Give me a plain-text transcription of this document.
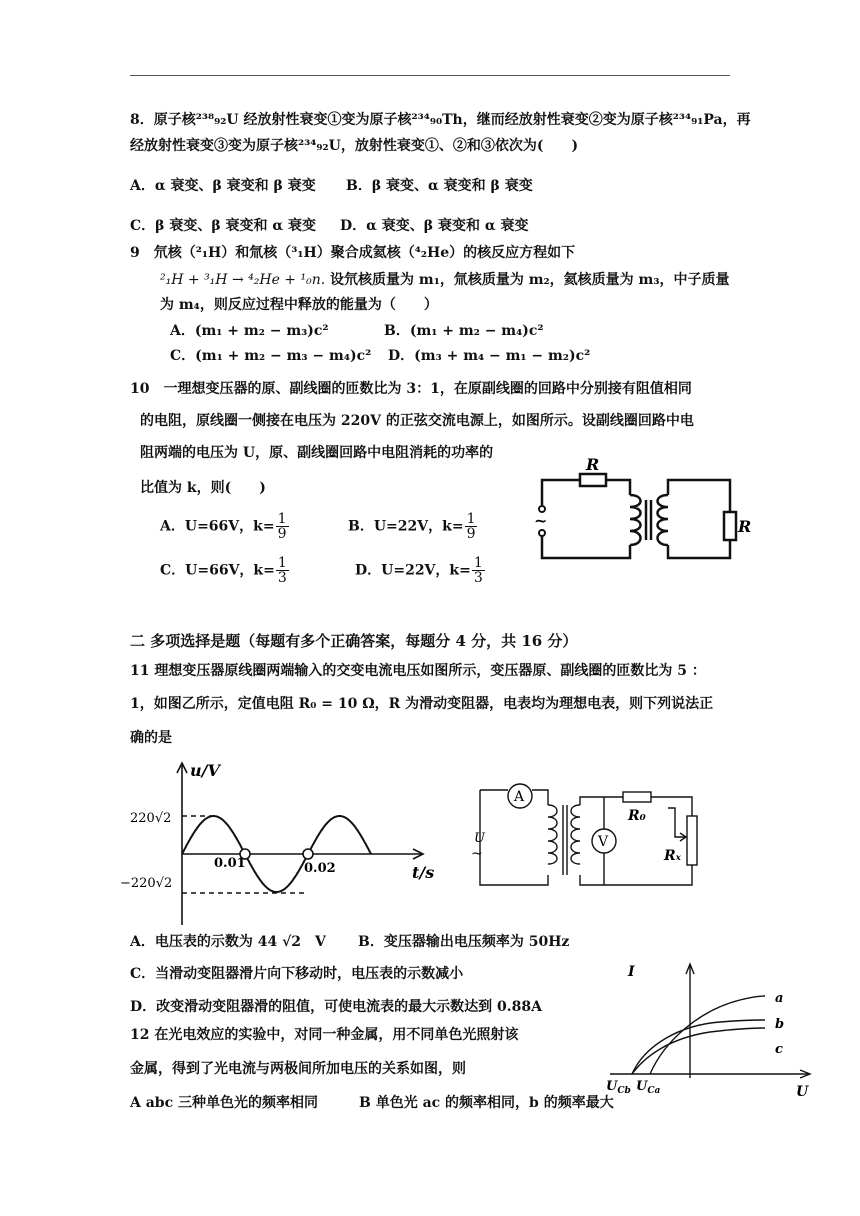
8．原子核²³⁸₉₂U 经放射性衰变①变为原子核²³⁴₉₀Th，继而经放射性衰变②变为原子核²³⁴₉₁Pa，再
经放射性衰变③变为原子核²³⁴₉₂U，放射性衰变①、②和③依次为(　　)
A．α 衰变、β 衰变和 β 衰变 B．β 衰变、α 衰变和 β 衰变
C．β 衰变、β 衰变和 α 衰变 D．α 衰变、β 衰变和 α 衰变
9　氘核（²₁H）和氚核（³₁H）聚合成氦核（⁴₂He）的核反应方程如下
²₁H + ³₁H → ⁴₂He + ¹₀n. 设氘核质量为 m₁，氚核质量为 m₂，氦核质量为 m₃，中子质量
为 m₄，则反应过程中释放的能量为（　　）
A．(m₁ + m₂ − m₃)c²	B．(m₁ + m₂ − m₄)c²
C．(m₁ + m₂ − m₃ − m₄)c² D．(m₃ + m₄ − m₁ − m₂)c²
10　一理想变压器的原、副线圈的匝数比为 3：1，在原副线圈的回路中分别接有阻值相同
的电阻，原线圈一侧接在电压为 220V 的正弦交流电源上，如图所示。设副线圈回路中电
阻两端的电压为 U，原、副线圈回路中电阻消耗的功率的
比值为 k，则(　　)
A．U=66V，$k= \frac{1}{9}$	B．U=22V，$k= \frac{1}{9}$
C．U=66V，$k= \frac{1}{3}$	D．U=22V，$k= \frac{1}{3}$
~
R
R
二 多项选择是题（每题有多个正确答案，每题分 4 分，共 16 分）
11 理想变压器原线圈两端输入的交变电流电压如图所示，变压器原、副线圈的匝数比为 5 ：
1，如图乙所示，定值电阻 R₀ = 10 Ω，R 为滑动变阻器，电表均为理想电表，则下列说法正
确的是
u/V
t/s
220√2
−220√2
0.01	0.02
A
V
R₀
Rₓ
U
~
A．电压表的示数为 44 √2　V B．变压器输出电压频率为 50Hz
C．当滑动变阻器滑片向下移动时，电压表的示数减小
D．改变滑动变阻器滑的阻值，可使电流表的最大示数达到 0.88A
12 在光电效应的实验中，对同一种金属，用不同单色光照射该
金属，得到了光电流与两极间所加电压的关系如图，则
A abc 三种单色光的频率相同	B 单色光 ac 的频率相同，b 的频率最大
I
U
a
b
c
$U_{Cb}$ $U_{Ca}$
